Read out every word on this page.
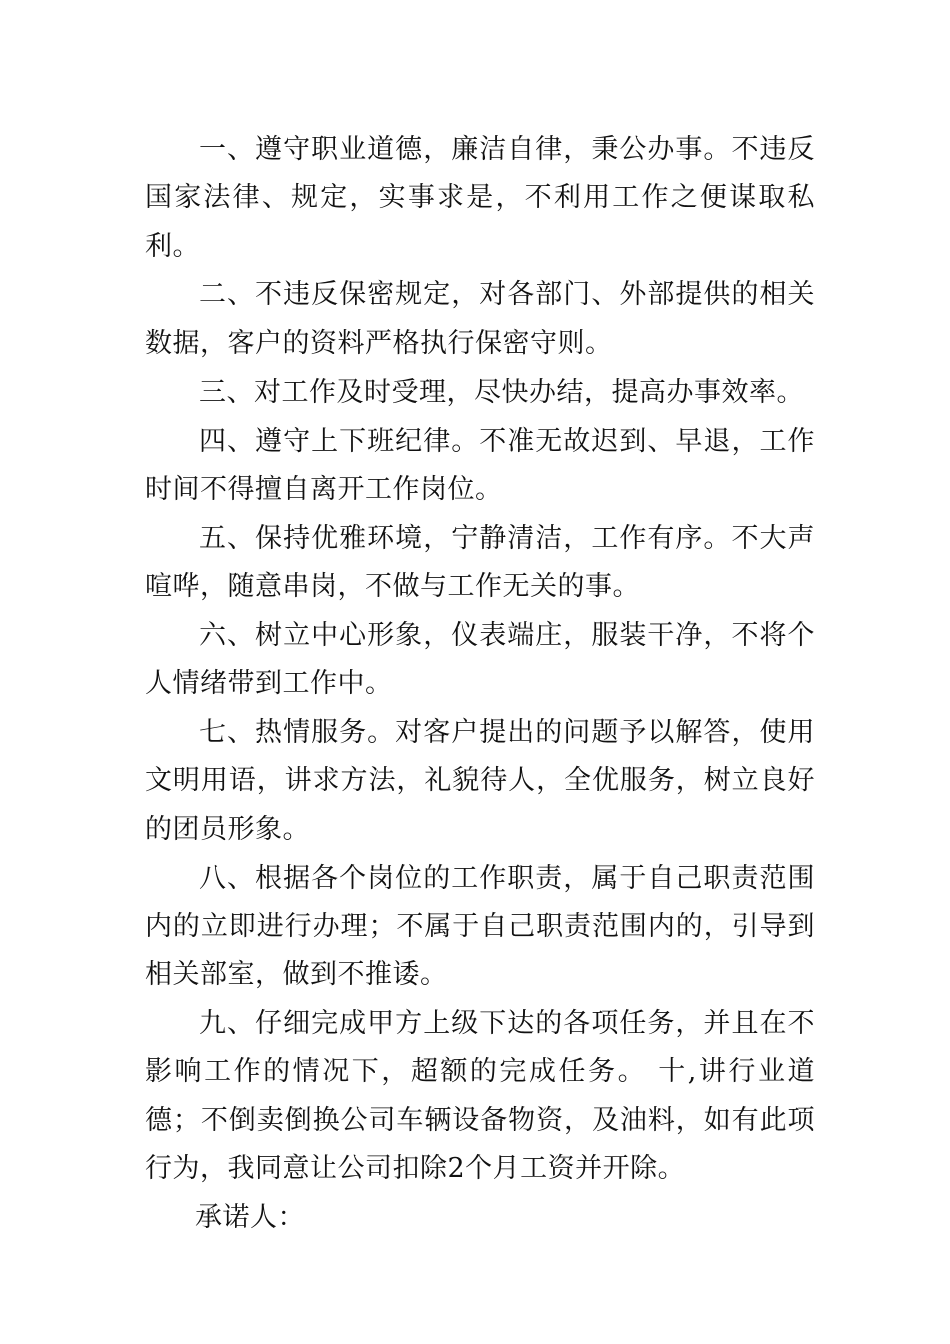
一、遵守职业道德，廉洁自律，秉公办事。不违反国家法律、规定，实事求是，不利用工作之便谋取私利。

二、不违反保密规定，对各部门、外部提供的相关数据，客户的资料严格执行保密守则。

三、对工作及时受理，尽快办结，提高办事效率。

四、遵守上下班纪律。不准无故迟到、早退，工作时间不得擅自离开工作岗位。

五、保持优雅环境，宁静清洁，工作有序。不大声喧哗，随意串岗，不做与工作无关的事。

六、树立中心形象，仪表端庄，服装干净，不将个人情绪带到工作中。

七、热情服务。对客户提出的问题予以解答，使用文明用语，讲求方法，礼貌待人，全优服务，树立良好的团员形象。

八、根据各个岗位的工作职责，属于自己职责范围内的立即进行办理；不属于自己职责范围内的，引导到相关部室，做到不推诿。

九、仔细完成甲方上级下达的各项任务，并且在不影响工作的情况下，超额的完成任务。 十,讲行业道德；不倒卖倒换公司车辆设备物资，及油料，如有此项行为，我同意让公司扣除2个月工资并开除。

承诺人：
